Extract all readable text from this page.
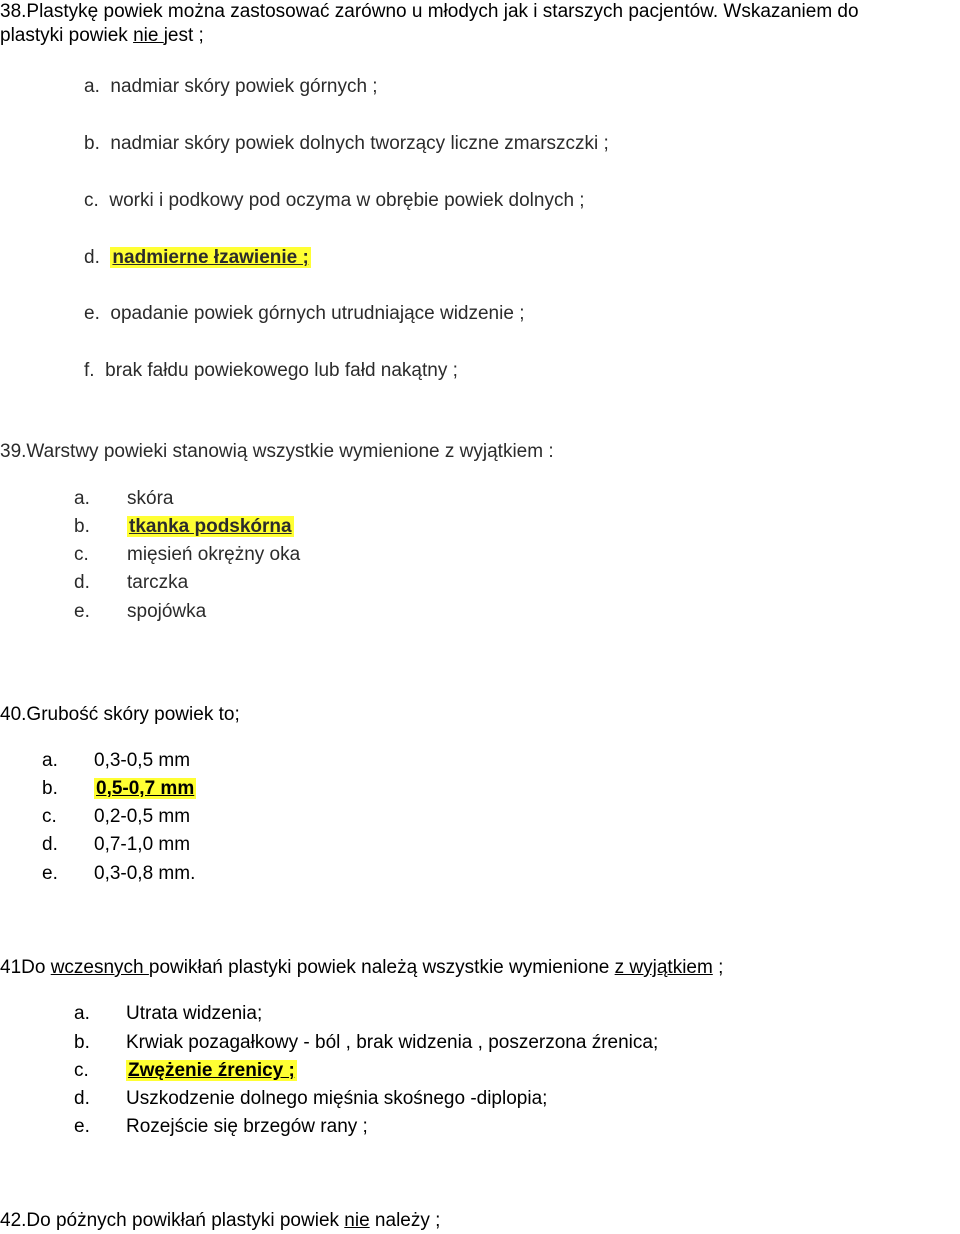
38.Plastykę powiek można zastosować zarówno u młodych jak i starszych pacjentów. Wskazaniem do
plastyki powiek nie jest ;
a. nadmiar skóry powiek górnych ;
b. nadmiar skóry powiek dolnych tworzący liczne zmarszczki ;
c. worki i podkowy pod oczyma w obrębie powiek dolnych ;
d. nadmierne łzawienie ;
e. opadanie powiek górnych utrudniające widzenie ;
f. brak fałdu powiekowego lub fałd nakątny ;
39.Warstwy powieki stanowią wszystkie wymienione z wyjątkiem :
a. skóra
b. tkanka podskórna
c. mięsień okrężny oka
d. tarczka
e. spojówka
40.Grubość skóry powiek to;
a. 0,3-0,5 mm
b. 0,5-0,7 mm
c. 0,2-0,5 mm
d. 0,7-1,0 mm
e. 0,3-0,8 mm.
41Do wczesnych powikłań plastyki powiek należą wszystkie wymienione z wyjątkiem ;
a. Utrata widzenia;
b. Krwiak pozagałkowy - ból , brak widzenia , poszerzona źrenica;
c. Zwężenie źrenicy ;
d. Uszkodzenie dolnego mięśnia skośnego -diplopia;
e. Rozejście się brzegów rany ;
42.Do póżnych powikłań plastyki powiek nie należy ;
